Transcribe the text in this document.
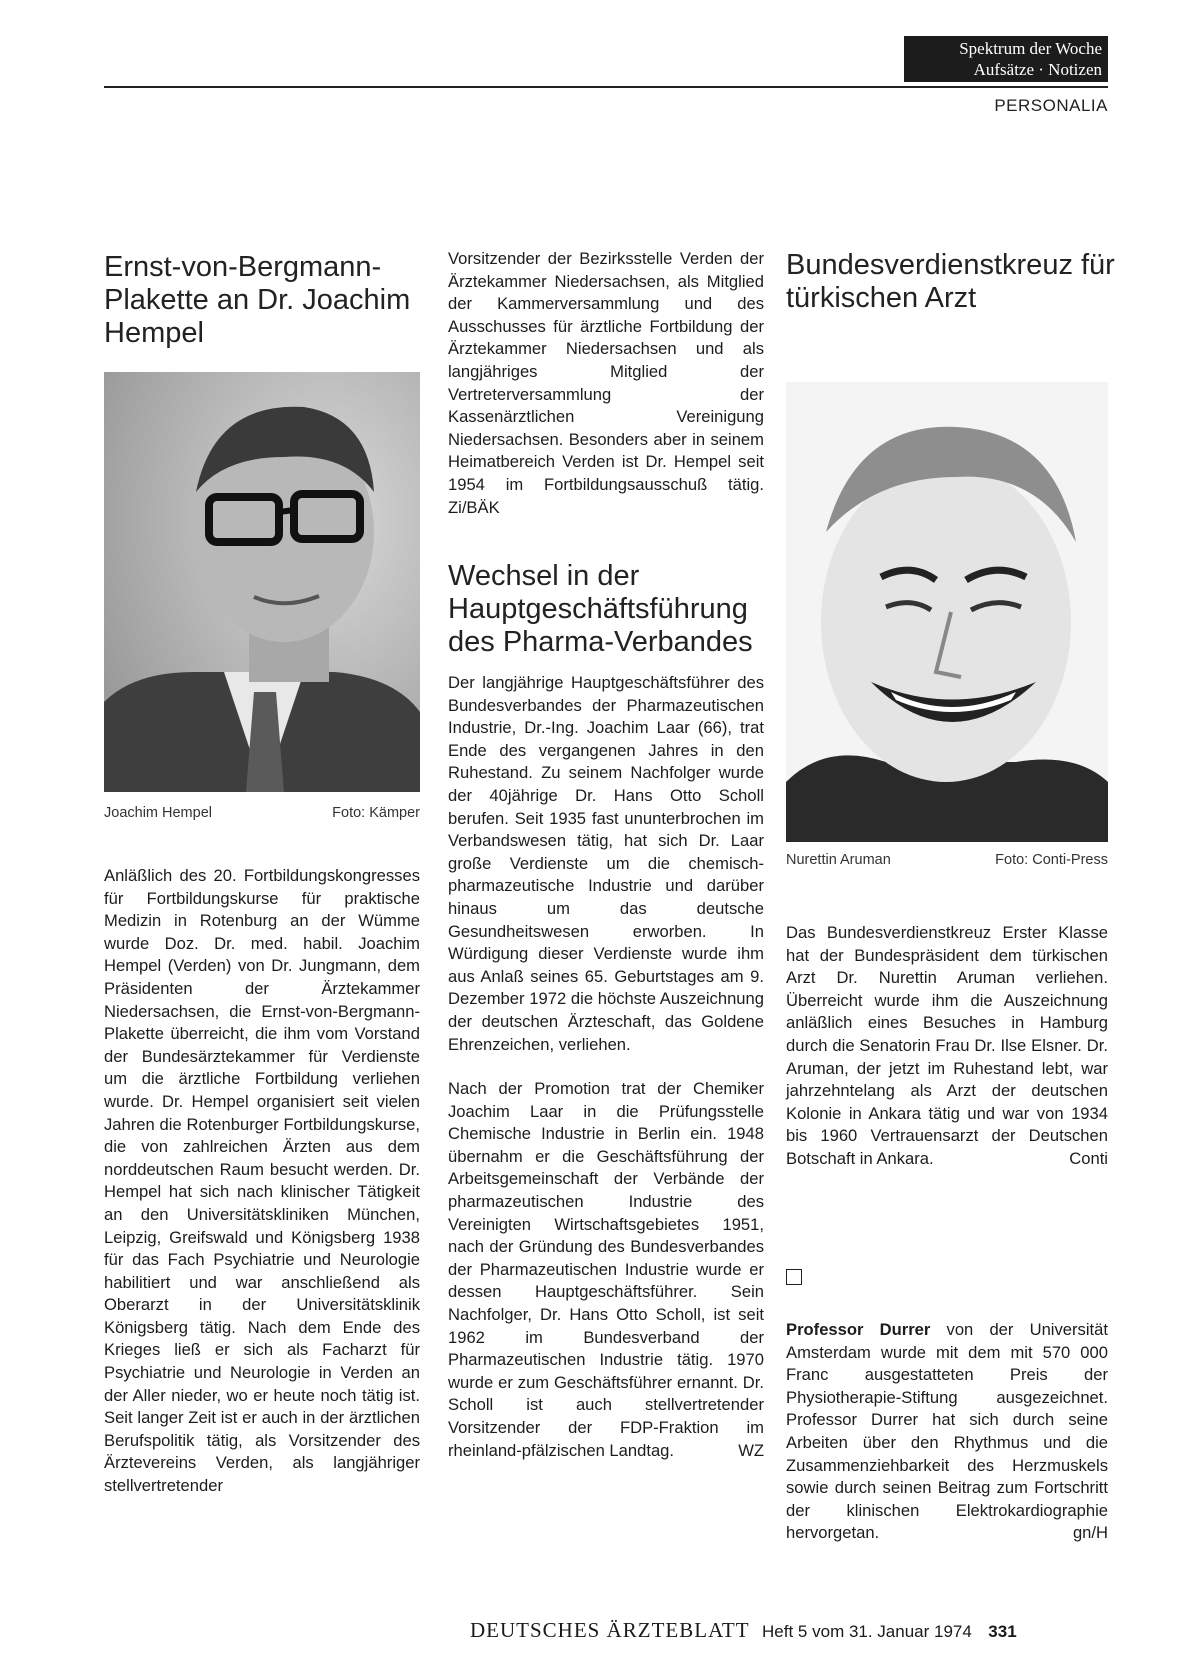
Spektrum der Woche
Aufsätze · Notizen
PERSONALIA
Ernst-von-Bergmann-Plakette an Dr. Joachim Hempel
Joachim Hempel	Foto: Kämper

Anläßlich des 20. Fortbildungskongresses für Fortbildungskurse für praktische Medizin in Rotenburg an der Wümme wurde Doz. Dr. med. habil. Joachim Hempel (Verden) von Dr. Jungmann, dem Präsidenten der Ärztekammer Niedersachsen, die Ernst-von-Bergmann-Plakette überreicht, die ihm vom Vorstand der Bundesärztekammer für Verdienste um die ärztliche Fortbildung verliehen wurde. Dr. Hempel organisiert seit vielen Jahren die Rotenburger Fortbildungskurse, die von zahlreichen Ärzten aus dem norddeutschen Raum besucht werden. Dr. Hempel hat sich nach klinischer Tätigkeit an den Universitätskliniken München, Leipzig, Greifswald und Königsberg 1938 für das Fach Psychiatrie und Neurologie habilitiert und war anschließend als Oberarzt in der Universitätsklinik Königsberg tätig. Nach dem Ende des Krieges ließ er sich als Facharzt für Psychiatrie und Neurologie in Verden an der Aller nieder, wo er heute noch tätig ist. Seit langer Zeit ist er auch in der ärztlichen Berufspolitik tätig, als Vorsitzender des Ärztevereins Verden, als langjähriger stellvertretender

Vorsitzender der Bezirksstelle Verden der Ärztekammer Niedersachsen, als Mitglied der Kammerversammlung und des Ausschusses für ärztliche Fortbildung der Ärztekammer Niedersachsen und als langjähriges Mitglied der Vertreterversammlung der Kassenärztlichen Vereinigung Niedersachsen. Besonders aber in seinem Heimatbereich Verden ist Dr. Hempel seit 1954 im Fortbildungsausschuß tätig. Zi/BÄK

Wechsel in der Hauptgeschäftsführung des Pharma-Verbandes

Der langjährige Hauptgeschäftsführer des Bundesverbandes der Pharmazeutischen Industrie, Dr.-Ing. Joachim Laar (66), trat Ende des vergangenen Jahres in den Ruhestand. Zu seinem Nachfolger wurde der 40jährige Dr. Hans Otto Scholl berufen. Seit 1935 fast ununterbrochen im Verbandswesen tätig, hat sich Dr. Laar große Verdienste um die chemisch-pharmazeutische Industrie und darüber hinaus um das deutsche Gesundheitswesen erworben. In Würdigung dieser Verdienste wurde ihm aus Anlaß seines 65. Geburtstages am 9. Dezember 1972 die höchste Auszeichnung der deutschen Ärzteschaft, das Goldene Ehrenzeichen, verliehen.

Nach der Promotion trat der Chemiker Joachim Laar in die Prüfungsstelle Chemische Industrie in Berlin ein. 1948 übernahm er die Geschäftsführung der Arbeitsgemeinschaft der Verbände der pharmazeutischen Industrie des Vereinigten Wirtschaftsgebietes 1951, nach der Gründung des Bundesverbandes der Pharmazeutischen Industrie wurde er dessen Hauptgeschäftsführer. Sein Nachfolger, Dr. Hans Otto Scholl, ist seit 1962 im Bundesverband der Pharmazeutischen Industrie tätig. 1970 wurde er zum Geschäftsführer ernannt. Dr. Scholl ist auch stellvertretender Vorsitzender der FDP-Fraktion im rheinland-pfälzischen Landtag.	WZ
Bundesverdienstkreuz für türkischen Arzt
Nurettin Aruman	Foto: Conti-Press

Das Bundesverdienstkreuz Erster Klasse hat der Bundespräsident dem türkischen Arzt Dr. Nurettin Aruman verliehen. Überreicht wurde ihm die Auszeichnung anläßlich eines Besuches in Hamburg durch die Senatorin Frau Dr. Ilse Elsner. Dr. Aruman, der jetzt im Ruhestand lebt, war jahrzehntelang als Arzt der deutschen Kolonie in Ankara tätig und war von 1934 bis 1960 Vertrauensarzt der Deutschen Botschaft in Ankara.	Conti

Professor Durrer von der Universität Amsterdam wurde mit dem mit 570 000 Franc ausgestatteten Preis der Physiotherapie-Stiftung ausgezeichnet. Professor Durrer hat sich durch seine Arbeiten über den Rhythmus und die Zusammenziehbarkeit des Herzmuskels sowie durch seinen Beitrag zum Fortschritt der klinischen Elektrokardiographie hervorgetan.	gn/H
DEUTSCHES ÄRZTEBLATT Heft 5 vom 31. Januar 1974 331
